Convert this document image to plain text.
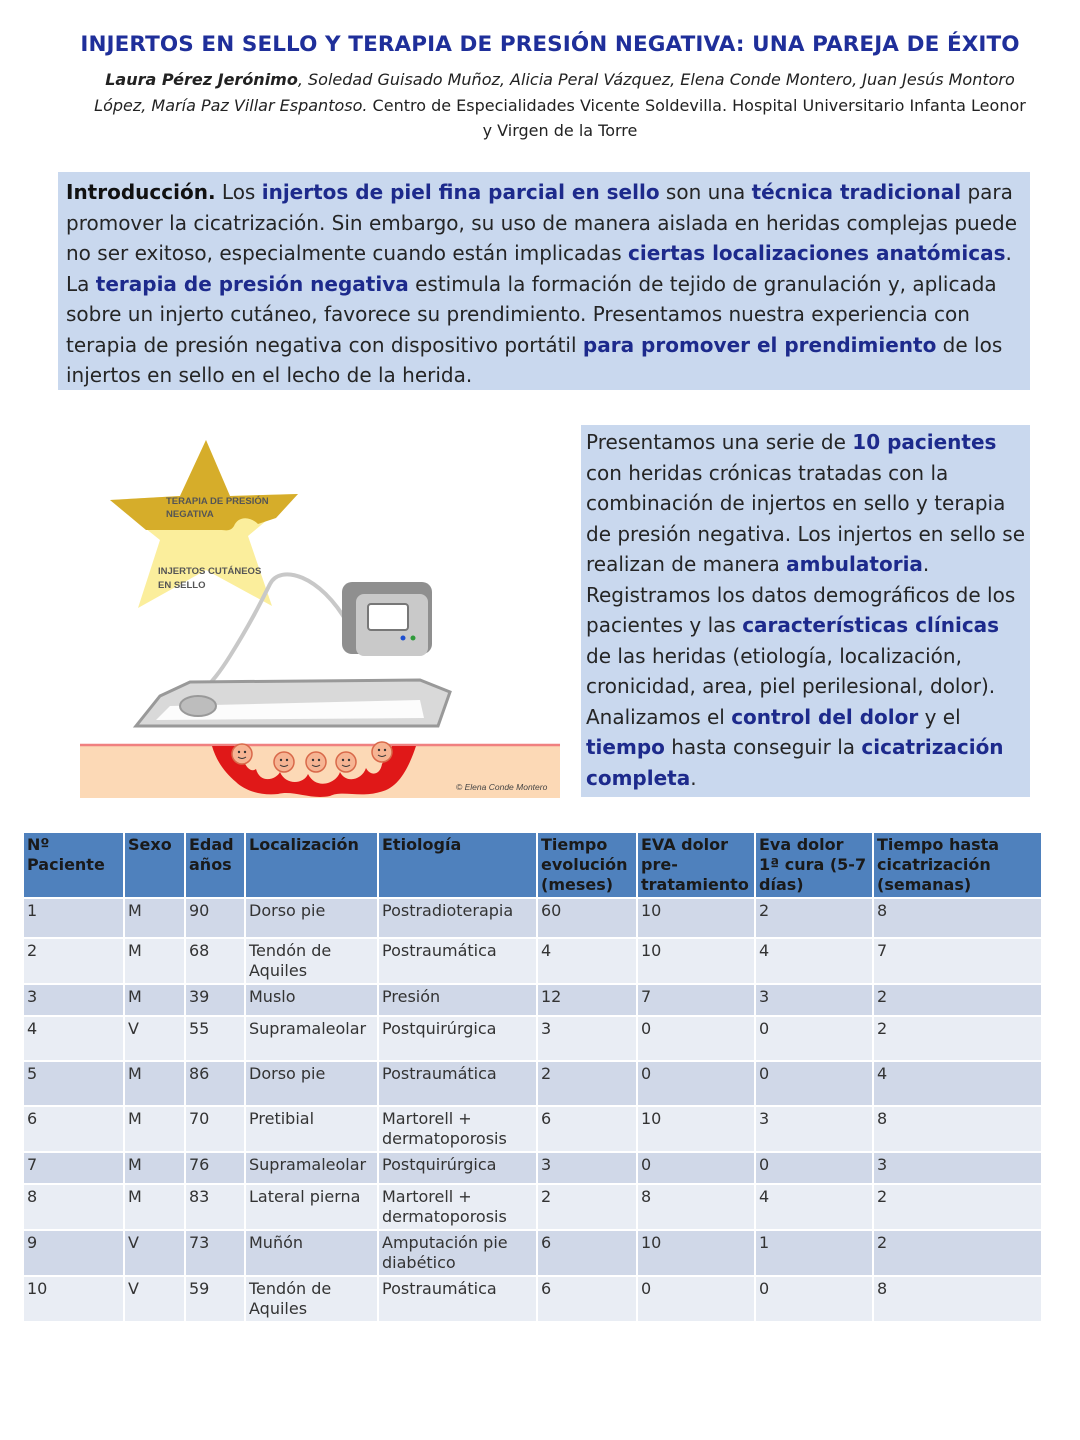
INJERTOS EN SELLO Y TERAPIA DE PRESIÓN NEGATIVA: UNA PAREJA DE ÉXITO
Laura Pérez Jerónimo, Soledad Guisado Muñoz, Alicia Peral Vázquez, Elena Conde Montero, Juan Jesús Montoro López, María Paz Villar Espantoso. Centro de Especialidades Vicente Soldevilla. Hospital Universitario Infanta Leonor y Virgen de la Torre
Introducción. Los injertos de piel fina parcial en sello son una técnica tradicional para promover la cicatrización. Sin embargo, su uso de manera aislada en heridas complejas puede no ser exitoso, especialmente cuando están implicadas ciertas localizaciones anatómicas. La terapia de presión negativa estimula la formación de tejido de granulación y, aplicada sobre un injerto cutáneo, favorece su prendimiento. Presentamos nuestra experiencia con terapia de presión negativa con dispositivo portátil para promover el prendimiento de los injertos en sello en el lecho de la herida.
TERAPIA DE PRESIÓN
NEGATIVA
INJERTOS CUTÁNEOS
EN SELLO
© Elena Conde Montero
Presentamos una serie de 10 pacientes con heridas crónicas tratadas con la combinación de injertos en sello y terapia de presión negativa. Los injertos en sello se realizan de manera ambulatoria. Registramos los datos demográficos de los pacientes y las características clínicas de las heridas (etiología, localización, cronicidad, area, piel perilesional, dolor). Analizamos el control del dolor y el tiempo hasta conseguir la cicatrización completa.
Nº Paciente	Sexo	Edad años	Localización	Etiología	Tiempo evolución (meses)	EVA dolor pre-tratamiento	Eva dolor 1ª cura (5-7 días)	Tiempo hasta cicatrización (semanas)
1	M	90	Dorso pie	Postradioterapia	60	10	2	8
2	M	68	Tendón de Aquiles	Postraumática	4	10	4	7
3	M	39	Muslo	Presión	12	7	3	2
4	V	55	Supramaleolar	Postquirúrgica	3	0	0	2
5	M	86	Dorso pie	Postraumática	2	0	0	4
6	M	70	Pretibial	Martorell + dermatoporosis	6	10	3	8
7	M	76	Supramaleolar	Postquirúrgica	3	0	0	3
8	M	83	Lateral pierna	Martorell + dermatoporosis	2	8	4	2
9	V	73	Muñón	Amputación pie diabético	6	10	1	2
10	V	59	Tendón de Aquiles	Postraumática	6	0	0	8
